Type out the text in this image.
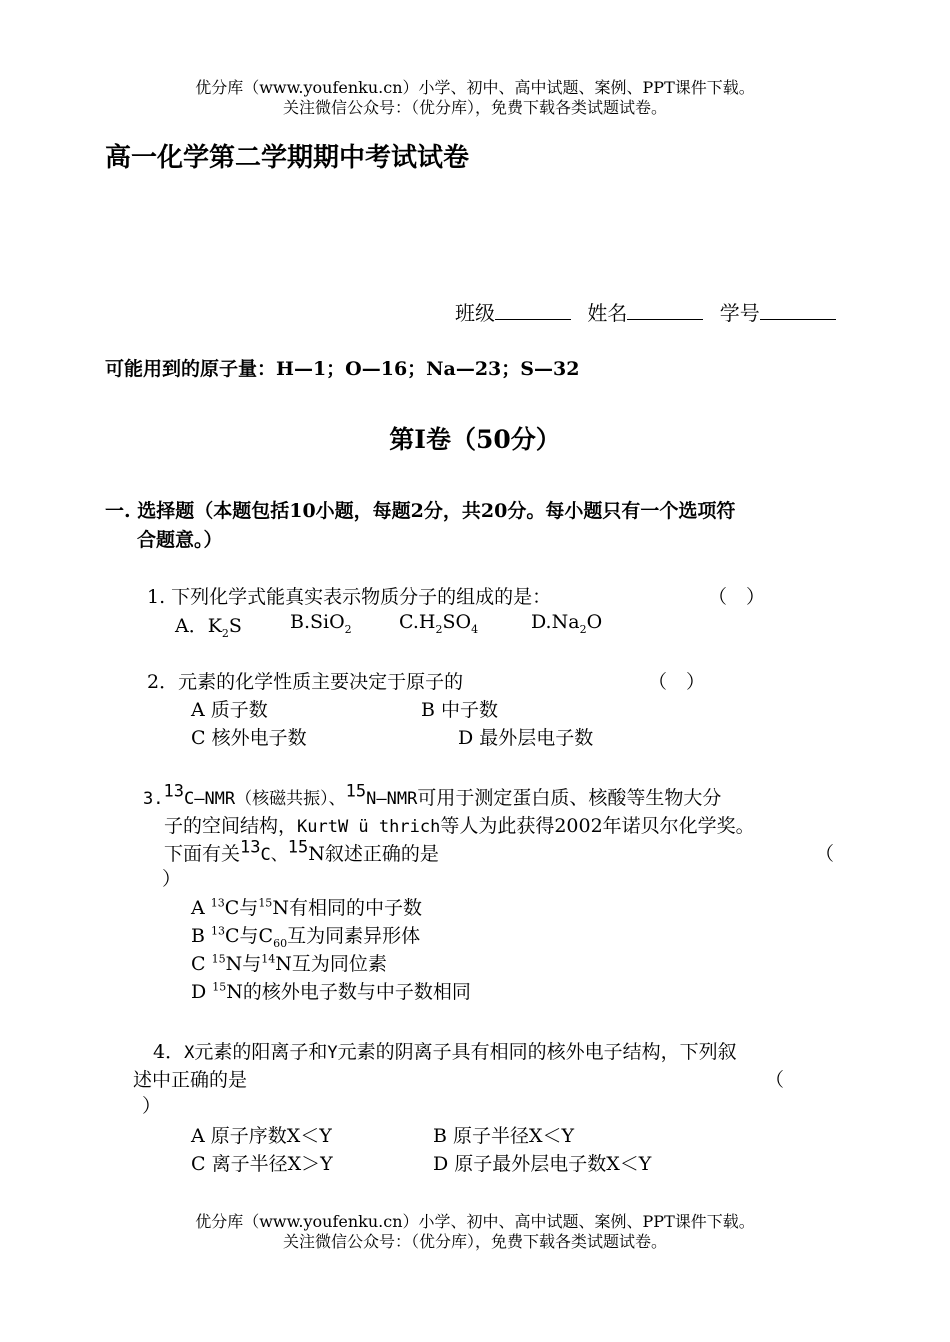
优分库（www.youfenku.cn）小学、初中、高中试题、案例、PPT课件下载。
关注微信公众号：（优分库），免费下载各类试题试卷。
高一化学第二学期期中考试试卷
班级	姓名	学号
可能用到的原子量：H—1；O—16；Na—23；S—32
第Ⅰ卷（50分）
一. 选择题（本题包括10小题，每题2分，共20分。每小题只有一个选项符
合题意。）
1. 下列化学式能真实表示物质分子的组成的是：	（　）
A．$K_2S$	B.SiO$_2$ $C.H_2SO_4$	$D.Na_2O$
2．元素的化学性质主要决定于原子的	（　）
A 质子数	B 中子数
C 核外电子数	D 最外层电子数
3.13C—NMR（核磁共振）、$^{15}$N—NMR可用于测定蛋白质、核酸等生物大分
子的空间结构，KurtW ü thrich等人为此获得2002年诺贝尔化学奖。
下面有关$^{13}$C、$^{15}$N叙述正确的是	（
）
A $^{13}$C与$^{15}$N有相同的中子数
B $^{13}$C与$C_{60}$互为同素异形体
C $^{15}$N与$^{14}$N互为同位素
D $^{15}$N的核外电子数与中子数相同
4．X元素的阳离子和Y元素的阴离子具有相同的核外电子结构，下列叙
述中正确的是	（
）
A 原子序数X＜Y	B 原子半径X＜Y
C 离子半径X＞Y	D 原子最外层电子数X＜Y
优分库（www.youfenku.cn）小学、初中、高中试题、案例、PPT课件下载。
关注微信公众号：（优分库），免费下载各类试题试卷。
